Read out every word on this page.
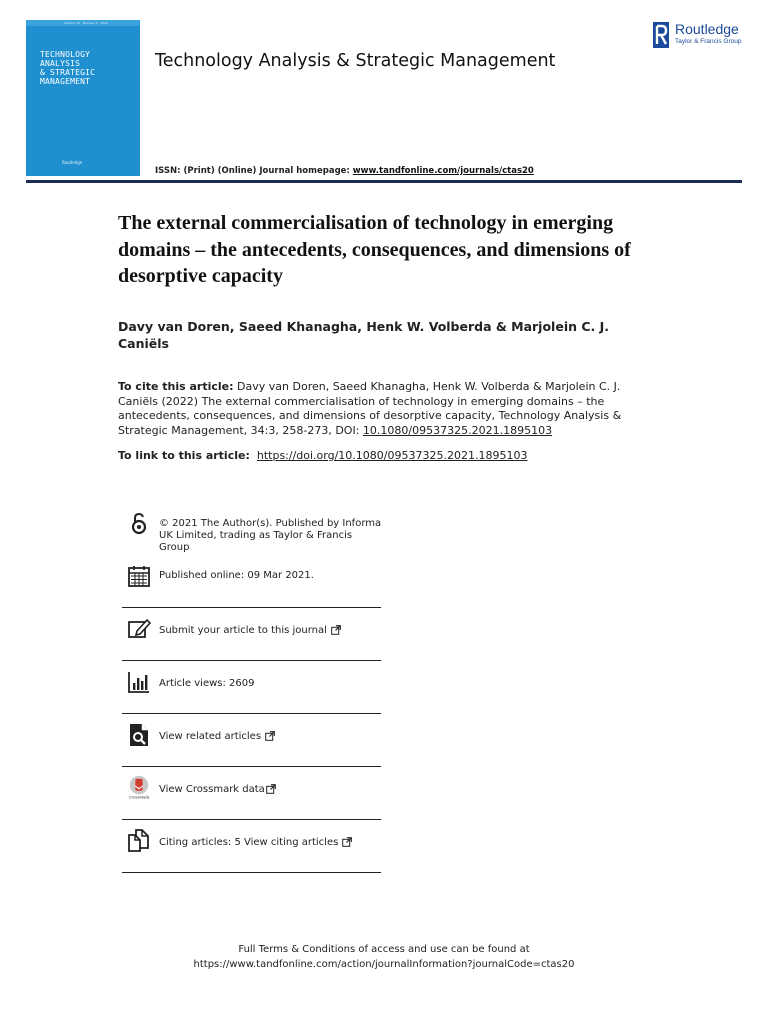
Volume 34 · Number 3 · 2022
TECHNOLOGY
ANALYSIS
& STRATEGIC
MANAGEMENT
Routledge
Technology Analysis & Strategic Management
Routledge
Taylor & Francis Group
ISSN: (Print) (Online) Journal homepage: www.tandfonline.com/journals/ctas20
The external commercialisation of technology in emerging domains – the antecedents, consequences, and dimensions of desorptive capacity
Davy van Doren, Saeed Khanagha, Henk W. Volberda & Marjolein C. J. Caniëls
To cite this article: Davy van Doren, Saeed Khanagha, Henk W. Volberda & Marjolein C. J. Caniëls (2022) The external commercialisation of technology in emerging domains – the antecedents, consequences, and dimensions of desorptive capacity, Technology Analysis & Strategic Management, 34:3, 258-273, DOI: 10.1080/09537325.2021.1895103
To link to this article: https://doi.org/10.1080/09537325.2021.1895103
© 2021 The Author(s). Published by Informa UK Limited, trading as Taylor & Francis Group
Published online: 09 Mar 2021.
Submit your article to this journal
Article views: 2609
View related articles
CrossMark
View Crossmark data
Citing articles: 5 View citing articles
Full Terms & Conditions of access and use can be found at
https://www.tandfonline.com/action/journalInformation?journalCode=ctas20
